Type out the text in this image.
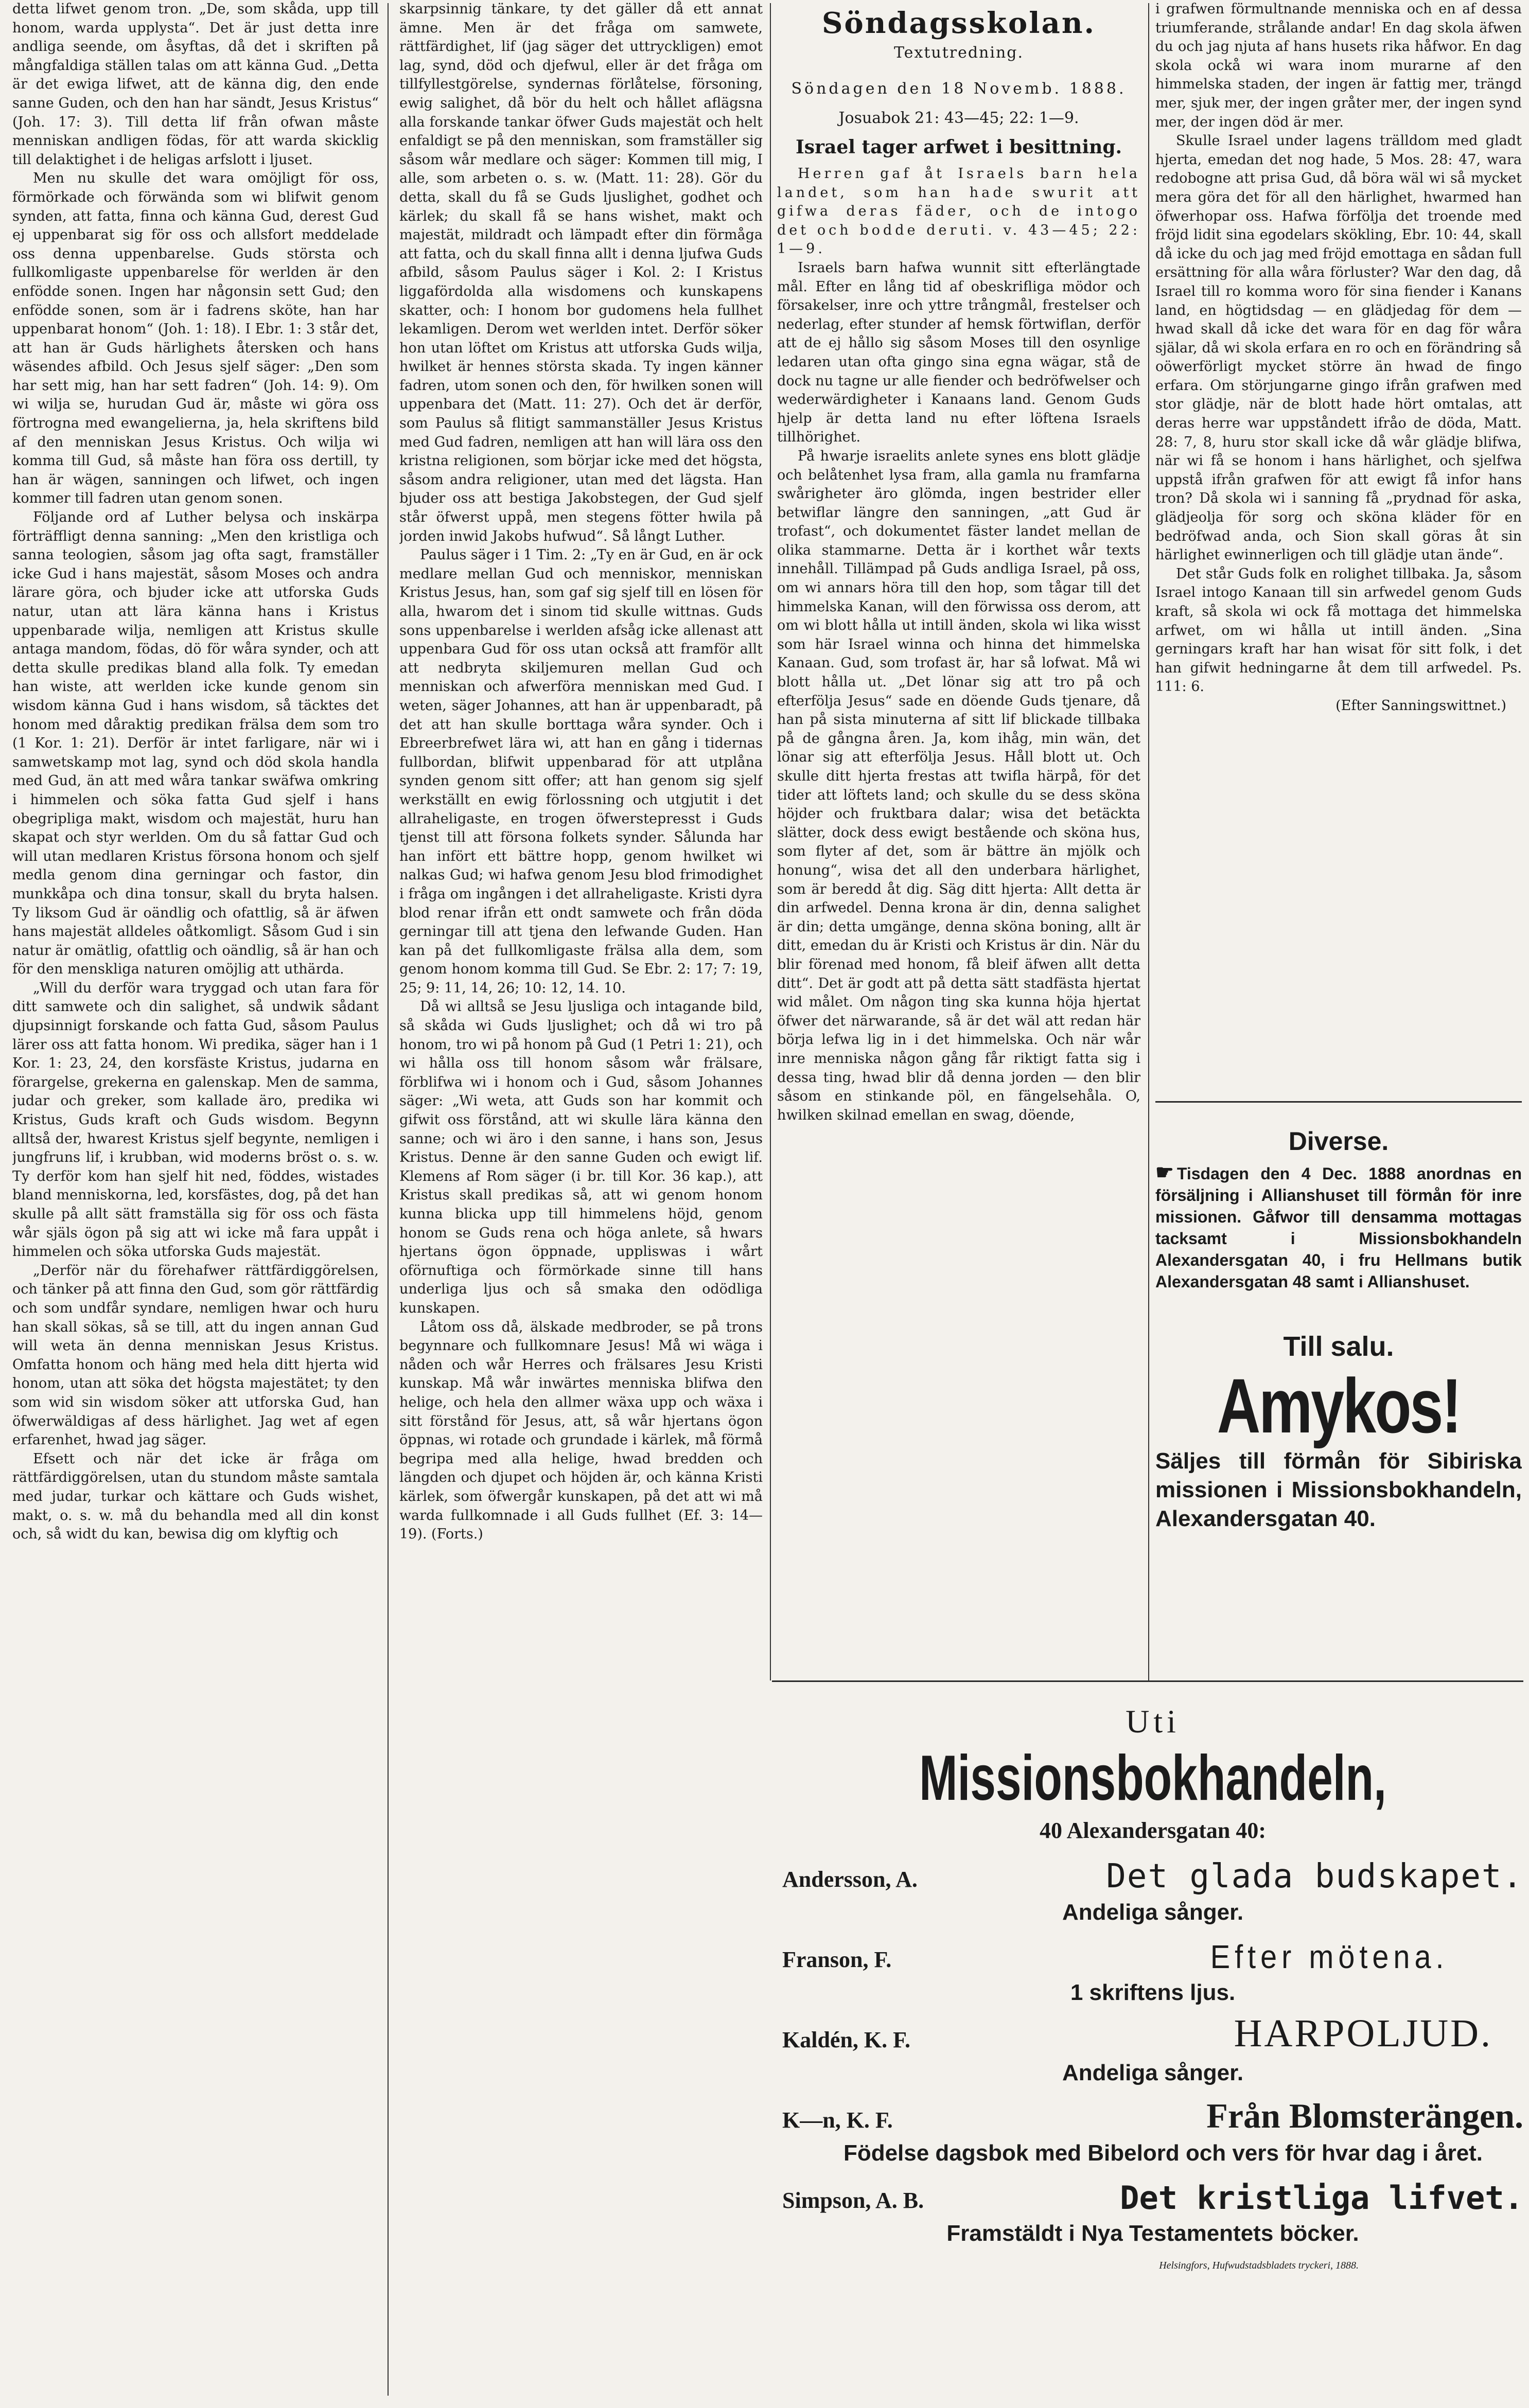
detta lifwet genom tron. „De, som skåda, upp till honom, warda upplysta“. Det är just detta inre andliga seende, om åsyftas, då det i skriften på mångfaldiga ställen talas om att känna Gud. „Detta är det ewiga lifwet, att de känna dig, den ende sanne Guden, och den han har sändt, Jesus Kristus“ (Joh. 17: 3). Till detta lif från ofwan måste menniskan andligen födas, för att warda skicklig till delaktighet i de heligas arfslott i ljuset.

Men nu skulle det wara omöjligt för oss, förmörkade och förwända som wi blifwit genom synden, att fatta, finna och känna Gud, derest Gud ej uppenbarat sig för oss och allsfort meddelade oss denna uppenbarelse. Guds största och fullkomligaste uppenbarelse för werlden är den enfödde sonen. Ingen har någonsin sett Gud; den enfödde sonen, som är i fadrens sköte, han har uppenbarat honom“ (Joh. 1: 18). I Ebr. 1: 3 står det, att han är Guds härlighets återsken och hans wäsendes afbild. Och Jesus sjelf säger: „Den som har sett mig, han har sett fadren“ (Joh. 14: 9). Om wi wilja se, hurudan Gud är, måste wi göra oss förtrogna med ewangelierna, ja, hela skriftens bild af den menniskan Jesus Kristus. Och wilja wi komma till Gud, så måste han föra oss dertill, ty han är wägen, sanningen och lifwet, och ingen kommer till fadren utan genom sonen.

Följande ord af Luther belysa och inskärpa förträffligt denna sanning: „Men den kristliga och sanna teologien, såsom jag ofta sagt, framställer icke Gud i hans majestät, såsom Moses och andra lärare göra, och bjuder icke att utforska Guds natur, utan att lära känna hans i Kristus uppenbarade wilja, nemligen att Kristus skulle antaga mandom, födas, dö för wåra synder, och att detta skulle predikas bland alla folk. Ty emedan han wiste, att werlden icke kunde genom sin wisdom känna Gud i hans wisdom, så täcktes det honom med dåraktig predikan frälsa dem som tro (1 Kor. 1: 21). Derför är intet farligare, när wi i samwetskamp mot lag, synd och död skola handla med Gud, än att med wåra tankar swäfwa omkring i himmelen och söka fatta Gud sjelf i hans obegripliga makt, wisdom och majestät, huru han skapat och styr werlden. Om du så fattar Gud och will utan medlaren Kristus försona honom och sjelf medla genom dina gerningar och fastor, din munkkåpa och dina tonsur, skall du bryta halsen. Ty liksom Gud är oändlig och ofattlig, så är äfwen hans majestät alldeles oåtkomligt. Såsom Gud i sin natur är omätlig, ofattlig och oändlig, så är han och för den menskliga naturen omöjlig att uthärda.

„Will du derför wara tryggad och utan fara för ditt samwete och din salighet, så undwik sådant djupsinnigt forskande och fatta Gud, såsom Paulus lärer oss att fatta honom. Wi predika, säger han i 1 Kor. 1: 23, 24, den korsfäste Kristus, judarna en förargelse, grekerna en galenskap. Men de samma, judar och greker, som kallade äro, predika wi Kristus, Guds kraft och Guds wisdom. Begynn alltså der, hwarest Kristus sjelf begynte, nemligen i jungfruns lif, i krubban, wid moderns bröst o. s. w. Ty derför kom han sjelf hit ned, föddes, wistades bland menniskorna, led, korsfästes, dog, på det han skulle på allt sätt framställa sig för oss och fästa wår själs ögon på sig att wi icke må fara uppåt i himmelen och söka utforska Guds majestät.

„Derför när du förehafwer rättfärdiggörelsen, och tänker på att finna den Gud, som gör rättfärdig och som undfår syndare, nemligen hwar och huru han skall sökas, så se till, att du ingen annan Gud will weta än denna menniskan Jesus Kristus. Omfatta honom och häng med hela ditt hjerta wid honom, utan att söka det högsta majestätet; ty den som wid sin wisdom söker att utforska Gud, han öfwerwäldigas af dess härlighet. Jag wet af egen erfarenhet, hwad jag säger.

Efsett och när det icke är fråga om rättfärdiggörelsen, utan du stundom måste samtala med judar, turkar och kättare och Guds wishet, makt, o. s. w. må du behandla med all din konst och, så widt du kan, bewisa dig om klyftig och

skarpsinnig tänkare, ty det gäller då ett annat ämne. Men är det fråga om samwete, rättfärdighet, lif (jag säger det uttryckligen) emot lag, synd, död och djefwul, eller är det fråga om tillfyllestgörelse, syndernas förlåtelse, försoning, ewig salighet, då bör du helt och hållet aflägsna alla forskande tankar öfwer Guds majestät och helt enfaldigt se på den menniskan, som framställer sig såsom wår medlare och säger: Kommen till mig, I alle, som arbeten o. s. w. (Matt. 11: 28). Gör du detta, skall du få se Guds ljuslighet, godhet och kärlek; du skall få se hans wishet, makt och majestät, mildradt och lämpadt efter din förmåga att fatta, och du skall finna allt i denna ljufwa Guds afbild, såsom Paulus säger i Kol. 2: I Kristus liggafördolda alla wisdomens och kunskapens skatter, och: I honom bor gudomens hela fullhet lekamligen. Derom wet werlden intet. Derför söker hon utan löftet om Kristus att utforska Guds wilja, hwilket är hennes största skada. Ty ingen känner fadren, utom sonen och den, för hwilken sonen will uppenbara det (Matt. 11: 27). Och det är derför, som Paulus så flitigt sammanställer Jesus Kristus med Gud fadren, nemligen att han will lära oss den kristna religionen, som börjar icke med det högsta, såsom andra religioner, utan med det lägsta. Han bjuder oss att bestiga Jakobstegen, der Gud sjelf står öfwerst uppå, men stegens fötter hwila på jorden inwid Jakobs hufwud“. Så långt Luther.

Paulus säger i 1 Tim. 2: „Ty en är Gud, en är ock medlare mellan Gud och menniskor, menniskan Kristus Jesus, han, som gaf sig sjelf till en lösen för alla, hwarom det i sinom tid skulle wittnas. Guds sons uppenbarelse i werlden afsåg icke allenast att uppenbara Gud för oss utan också att framför allt att nedbryta skiljemuren mellan Gud och menniskan och afwerföra menniskan med Gud. I weten, säger Johannes, att han är uppenbaradt, på det att han skulle borttaga wåra synder. Och i Ebreerbrefwet lära wi, att han en gång i tidernas fullbordan, blifwit uppenbarad för att utplåna synden genom sitt offer; att han genom sig sjelf werkställt en ewig förlossning och utgjutit i det allraheligaste, en trogen öfwerstepresst i Guds tjenst till att försona folkets synder. Sålunda har han infört ett bättre hopp, genom hwilket wi nalkas Gud; wi hafwa genom Jesu blod frimodighet i fråga om ingången i det allraheligaste. Kristi dyra blod renar ifrån ett ondt samwete och från döda gerningar till att tjena den lefwande Guden. Han kan på det fullkomligaste frälsa alla dem, som genom honom komma till Gud. Se Ebr. 2: 17; 7: 19, 25; 9: 11, 14, 26; 10: 12, 14. 10.

Då wi alltså se Jesu ljusliga och intagande bild, så skåda wi Guds ljuslighet; och då wi tro på honom, tro wi på honom på Gud (1 Petri 1: 21), och wi hålla oss till honom såsom wår frälsare, förblifwa wi i honom och i Gud, såsom Johannes säger: „Wi weta, att Guds son har kommit och gifwit oss förstånd, att wi skulle lära känna den sanne; och wi äro i den sanne, i hans son, Jesus Kristus. Denne är den sanne Guden och ewigt lif. Klemens af Rom säger (i br. till Kor. 36 kap.), att Kristus skall predikas så, att wi genom honom kunna blicka upp till himmelens höjd, genom honom se Guds rena och höga anlete, så hwars hjertans ögon öppnade, uppliswas i wårt oförnuftiga och förmörkade sinne till hans underliga ljus och så smaka den odödliga kunskapen.

Låtom oss då, älskade medbroder, se på trons begynnare och fullkomnare Jesus! Må wi wäga i nåden och wår Herres och frälsares Jesu Kristi kunskap. Må wår inwärtes menniska blifwa den helige, och hela den allmer wäxa upp och wäxa i sitt förstånd för Jesus, att, så wår hjertans ögon öppnas, wi rotade och grundade i kärlek, må förmå begripa med alla helige, hwad bredden och längden och djupet och höjden är, och känna Kristi kärlek, som öfwergår kunskapen, på det att wi må warda fullkomnade i all Guds fullhet (Ef. 3: 14—19). (Forts.)

Söndagsskolan.
Textutredning.
Söndagen den 18 Novemb. 1888.
Josuabok 21: 43—45; 22: 1—9.
Israel tager arfwet i besittning.

Herren gaf åt Israels barn hela landet, som han hade swurit att gifwa deras fäder, och de intogo det och bodde deruti. v. 43—45; 22: 1—9.

Israels barn hafwa wunnit sitt efterlängtade mål. Efter en lång tid af obeskrifliga mödor och försakelser, inre och yttre trångmål, frestelser och nederlag, efter stunder af hemsk förtwiflan, derför att de ej hållo sig såsom Moses till den osynlige ledaren utan ofta gingo sina egna wägar, stå de dock nu tagne ur alle fiender och bedröfwelser och wederwärdigheter i Kanaans land. Genom Guds hjelp är detta land nu efter löftena Israels tillhörighet.

På hwarje israelits anlete synes ens blott glädje och belåtenhet lysa fram, alla gamla nu framfarna swårigheter äro glömda, ingen bestrider eller betwiflar längre den sanningen, „att Gud är trofast“, och dokumentet fäster landet mellan de olika stammarne. Detta är i korthet wår texts innehåll. Tillämpad på Guds andliga Israel, på oss, om wi annars höra till den hop, som tågar till det himmelska Kanan, will den förwissa oss derom, att om wi blott hålla ut intill änden, skola wi lika wisst som här Israel winna och hinna det himmelska Kanaan. Gud, som trofast är, har så lofwat. Må wi blott hålla ut. „Det lönar sig att tro på och efterfölja Jesus“ sade en döende Guds tjenare, då han på sista minuterna af sitt lif blickade tillbaka på de gångna åren. Ja, kom ihåg, min wän, det lönar sig att efterfölja Jesus. Håll blott ut. Och skulle ditt hjerta frestas att twifla härpå, för det tider att löftets land; och skulle du se dess sköna höjder och fruktbara dalar; wisa det betäckta slätter, dock dess ewigt bestående och sköna hus, som flyter af det, som är bättre än mjölk och honung“, wisa det all den underbara härlighet, som är beredd åt dig. Säg ditt hjerta: Allt detta är din arfwedel. Denna krona är din, denna salighet är din; detta umgänge, denna sköna boning, allt är ditt, emedan du är Kristi och Kristus är din. När du blir förenad med honom, få bleif äfwen allt detta ditt“. Det är godt att på detta sätt stadfästa hjertat wid målet. Om någon ting ska kunna höja hjertat öfwer det närwarande, så är det wäl att redan här börja lefwa lig in i det himmelska. Och när wår inre menniska någon gång får riktigt fatta sig i dessa ting, hwad blir då denna jorden — den blir såsom en stinkande pöl, en fängelsehåla. O, hwilken skilnad emellan en swag, döende,

i grafwen förmultnande menniska och en af dessa triumferande, strålande andar! En dag skola äfwen du och jag njuta af hans husets rika håfwor. En dag skola ockå wi wara inom murarne af den himmelska staden, der ingen är fattig mer, trängd mer, sjuk mer, der ingen gråter mer, der ingen synd mer, der ingen död är mer.

Skulle Israel under lagens trälldom med gladt hjerta, emedan det nog hade, 5 Mos. 28: 47, wara redobogne att prisa Gud, då böra wäl wi så mycket mera göra det för all den härlighet, hwarmed han öfwerhopar oss. Hafwa förfölja det troende med fröjd lidit sina egodelars skökling, Ebr. 10: 44, skall då icke du och jag med fröjd emottaga en sådan full ersättning för alla wåra förluster? War den dag, då Israel till ro komma woro för sina fiender i Kanans land, en högtidsdag — en glädjedag för dem — hwad skall då icke det wara för en dag för wåra själar, då wi skola erfara en ro och en förändring så oöwerförligt mycket större än hwad de fingo erfara. Om störjungarne gingo ifrån grafwen med stor glädje, när de blott hade hört omtalas, att deras herre war uppståndett ifråo de döda, Matt. 28: 7, 8, huru stor skall icke då wår glädje blifwa, när wi få se honom i hans härlighet, och sjelfwa uppstå ifrån grafwen för att ewigt få infor hans tron? Då skola wi i sanning få „prydnad för aska, glädjeolja för sorg och sköna kläder för en bedröfwad anda, och Sion skall göras åt sin härlighet ewinnerligen och till glädje utan ände“.

Det står Guds folk en rolighet tillbaka. Ja, såsom Israel intogo Kanaan till sin arfwedel genom Guds kraft, så skola wi ock få mottaga det himmelska arfwet, om wi hålla ut intill änden. „Sina gerningars kraft har han wisat för sitt folk, i det han gifwit hedningarne åt dem till arfwedel. Ps. 111: 6.

(Efter Sanningswittnet.)

Diverse.

☛ Tisdagen den 4 Dec. 1888 anordnas en försäljning i Allianshuset till förmån för inre missionen. Gåfwor till densamma mottagas tacksamt i Missionsbokhandeln Alexandersgatan 40, i fru Hellmans butik Alexandersgatan 48 samt i Allianshuset.

Till salu.
Amykos!
Säljes till förmån för Sibiriska missionen i Missionsbokhandeln, Alexandersgatan 40.
Uti
Missionsbokhandeln,
40 Alexandersgatan 40:
Andersson, A.	Det glada budskapet.
Andeliga sånger.
Franson, F.	Efter mötena.
1 skriftens ljus.
Kaldén, K. F.	HARPOLJUD.
Andeliga sånger.
K—n, K. F.	Från Blomsterängen.
Födelse dagsbok med Bibelord och vers för hvar dag i året.
Simpson, A. B.	Det kristliga lifvet.
Framstäldt i Nya Testamentets böcker.
Helsingfors, Hufwudstadsbladets tryckeri, 1888.
